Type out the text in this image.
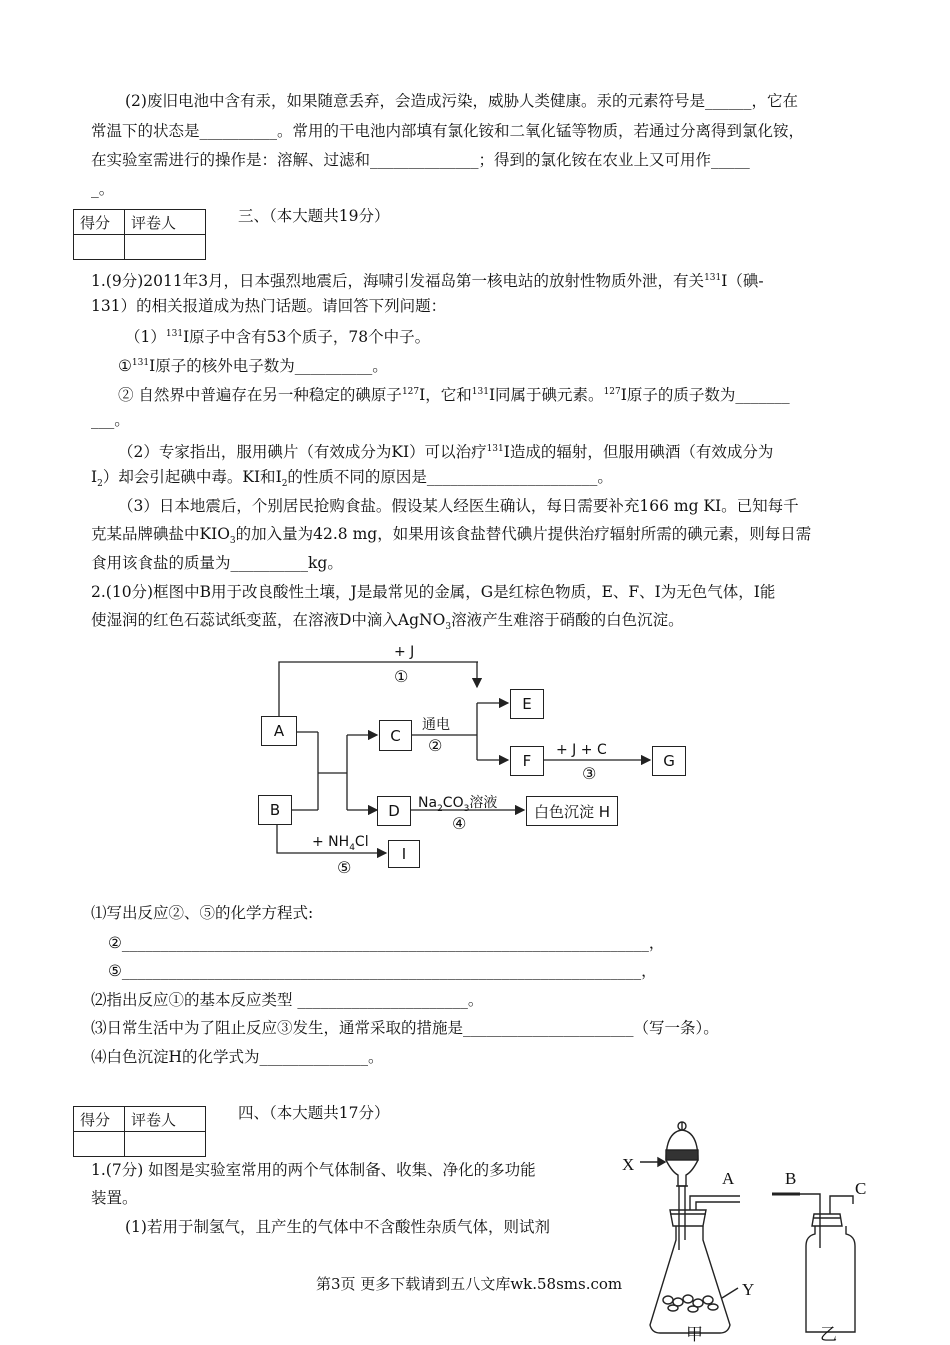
(2)废旧电池中含有汞，如果随意丢弃，会造成污染，威胁人类健康。汞的元素符号是______，它在
常温下的状态是__________。常用的干电池内部填有氯化铵和二氧化锰等物质，若通过分离得到氯化铵，
在实验室需进行的操作是：溶解、过滤和______________；得到的氯化铵在农业上又可用作_____
_。
得分	评卷人
		三、（本大题共19分）
1.(9分)2011年3月，日本强烈地震后，海啸引发福岛第一核电站的放射性物质外泄，有关$^{131}$I（碘-
131）的相关报道成为热门话题。请回答下列问题：
$(1)^{131}I$原子中含有53个质子，78个中子。
①$^{131}$I原子的核外电子数为__________。
② 自然界中普遍存在另一种稳定的碘原子$^{127}$I，它和$^{131}$I同属于碘元素。$^{127}$I原子的质子数为_______
___。
（2）专家指出，服用碘片（有效成分为KI）可以治疗$^{131}$I造成的辐射，但服用碘酒（有效成分为
$I_2$）却会引起碘中毒。KI和$I_2$的性质不同的原因是______________________。
（3）日本地震后，个别居民抢购食盐。假设某人经医生确认，每日需要补充166 mg KI。已知每千
克某品牌碘盐中$KIO_3$的加入量为42.8 mg，如果用该食盐替代碘片提供治疗辐射所需的碘元素，则每日需
食用该食盐的质量为__________kg。
2.(10分)框图中B用于改良酸性土壤，J是最常见的金属，G是红棕色物质，E、F、I为无色气体，I能
使湿润的红色石蕊试纸变蓝，在溶液D中滴入AgNO$_3$溶液产生难溶于硝酸的白色沉淀。
A
B
C
D
E
F	G
白色沉淀 H
I
+ J
①
通电
②	+ J + C
③
$Na_2CO_3$溶液
④
+ $NH_4Cl$
⑤
⑴写出反应②、⑤的化学方程式:
②____________________________________________________________________，
⑤___________________________________________________________________，
⑵指出反应①的基本反应类型 ______________________。
⑶日常生活中为了阻止反应③发生，通常采取的措施是______________________（写一条）。
⑷白色沉淀H的化学式为______________。
得分	评卷人
		四、（本大题共17分）
1.(7分) 如图是实验室常用的两个气体制备、收集、净化的多功能
装置。
(1)若用于制氢气，且产生的气体中不含酸性杂质气体，则试剂
X
A
Y
B
C
甲	乙
第3页 更多下载请到五八文库wk.58sms.com
